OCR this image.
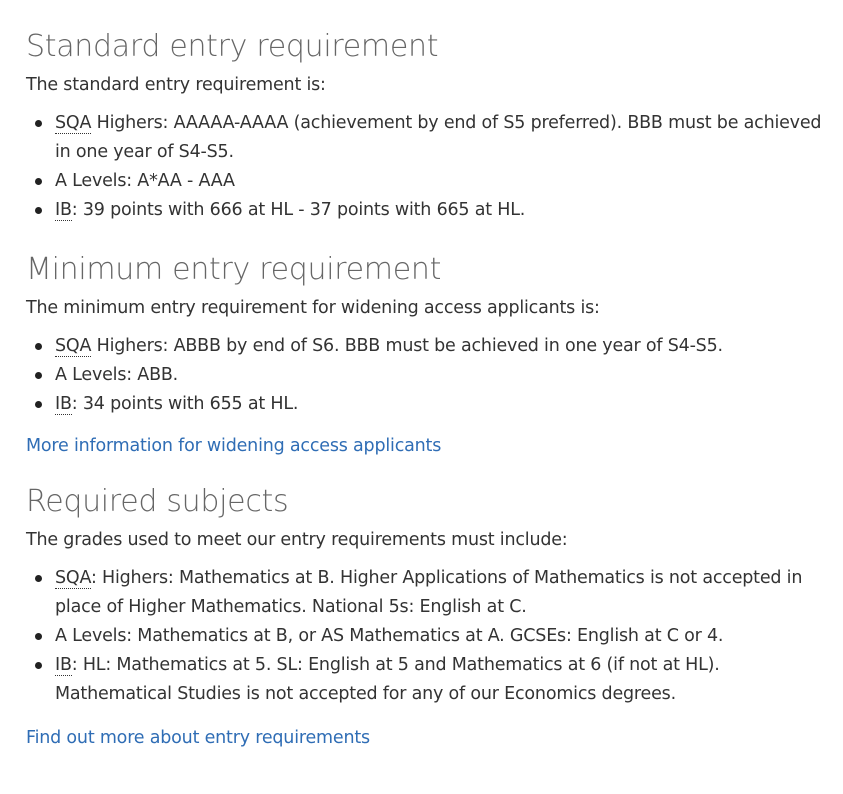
Standard entry requirement

The standard entry requirement is:

SQA Highers: AAAAA-AAAA (achievement by end of S5 preferred). BBB must be achieved in one year of S4-S5.
A Levels: A*AA - AAA
IB: 39 points with 666 at HL - 37 points with 665 at HL.
Minimum entry requirement

The minimum entry requirement for widening access applicants is:

SQA Highers: ABBB by end of S6. BBB must be achieved in one year of S4-S5.
A Levels: ABB.
IB: 34 points with 655 at HL.
More information for widening access applicants
Required subjects

The grades used to meet our entry requirements must include:

SQA: Highers: Mathematics at B. Higher Applications of Mathematics is not accepted in place of Higher Mathematics. National 5s: English at C.
A Levels: Mathematics at B, or AS Mathematics at A. GCSEs: English at C or 4.
IB: HL: Mathematics at 5. SL: English at 5 and Mathematics at 6 (if not at HL). Mathematical Studies is not accepted for any of our Economics degrees.
Find out more about entry requirements
